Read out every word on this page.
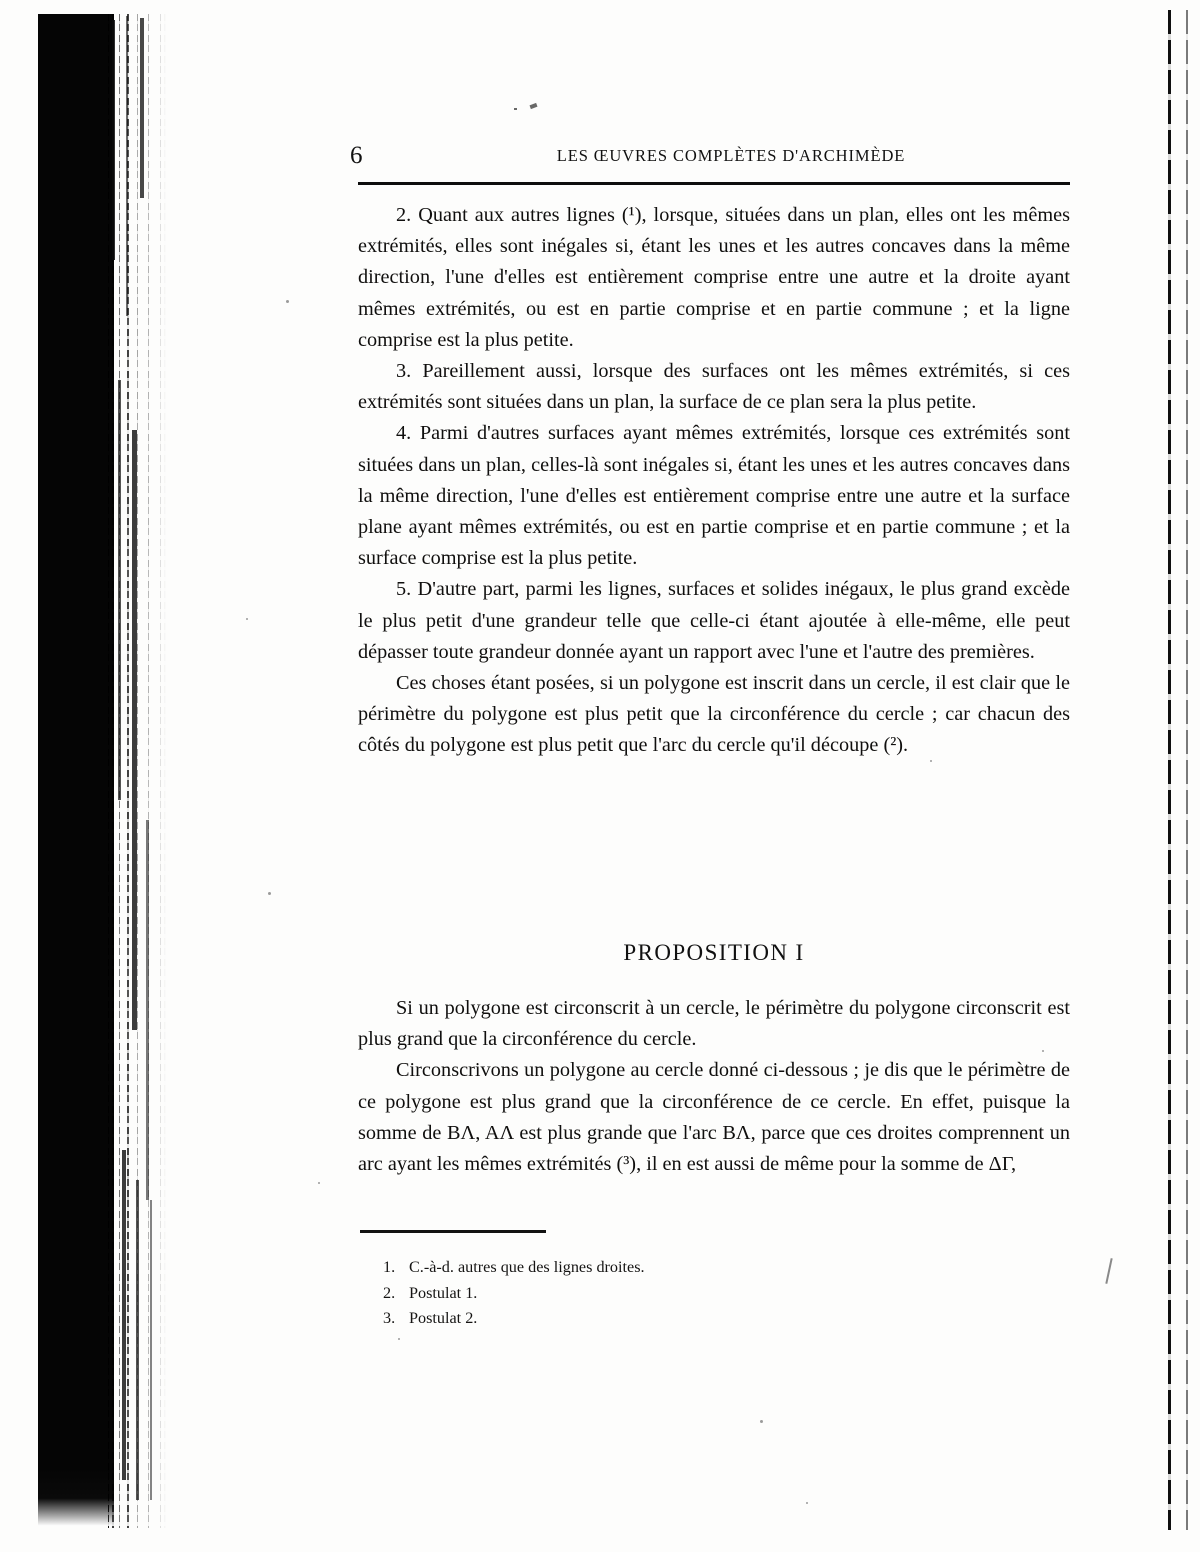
6	LES ŒUVRES COMPLÈTES D'ARCHIMÈDE

2. Quant aux autres lignes (¹), lorsque, situées dans un plan, elles ont les mêmes extrémités, elles sont inégales si, étant les unes et les autres concaves dans la même direction, l'une d'elles est entièrement comprise entre une autre et la droite ayant mêmes extrémités, ou est en partie comprise et en partie commune ; et la ligne comprise est la plus petite.

3. Pareillement aussi, lorsque des surfaces ont les mêmes extrémités, si ces extrémités sont situées dans un plan, la surface de ce plan sera la plus petite.

4. Parmi d'autres surfaces ayant mêmes extrémités, lorsque ces extrémités sont situées dans un plan, celles-là sont inégales si, étant les unes et les autres concaves dans la même direction, l'une d'elles est entièrement comprise entre une autre et la surface plane ayant mêmes extrémités, ou est en partie comprise et en partie commune ; et la surface comprise est la plus petite.

5. D'autre part, parmi les lignes, surfaces et solides inégaux, le plus grand excède le plus petit d'une grandeur telle que celle-ci étant ajoutée à elle-même, elle peut dépasser toute grandeur donnée ayant un rapport avec l'une et l'autre des premières.

Ces choses étant posées, si un polygone est inscrit dans un cercle, il est clair que le périmètre du polygone est plus petit que la circonférence du cercle ; car chacun des côtés du polygone est plus petit que l'arc du cercle qu'il découpe (²).

PROPOSITION I

Si un polygone est circonscrit à un cercle, le périmètre du polygone circonscrit est plus grand que la circonférence du cercle.

Circonscrivons un polygone au cercle donné ci-dessous ; je dis que le périmètre de ce polygone est plus grand que la circonférence de ce cercle. En effet, puisque la somme de BΛ, ΑΛ est plus grande que l'arc BΛ, parce que ces droites comprennent un arc ayant les mêmes extrémités (³), il en est aussi de même pour la somme de ΔΓ,

1. C.-à-d. autres que des lignes droites.
2. Postulat 1.
3. Postulat 2.
